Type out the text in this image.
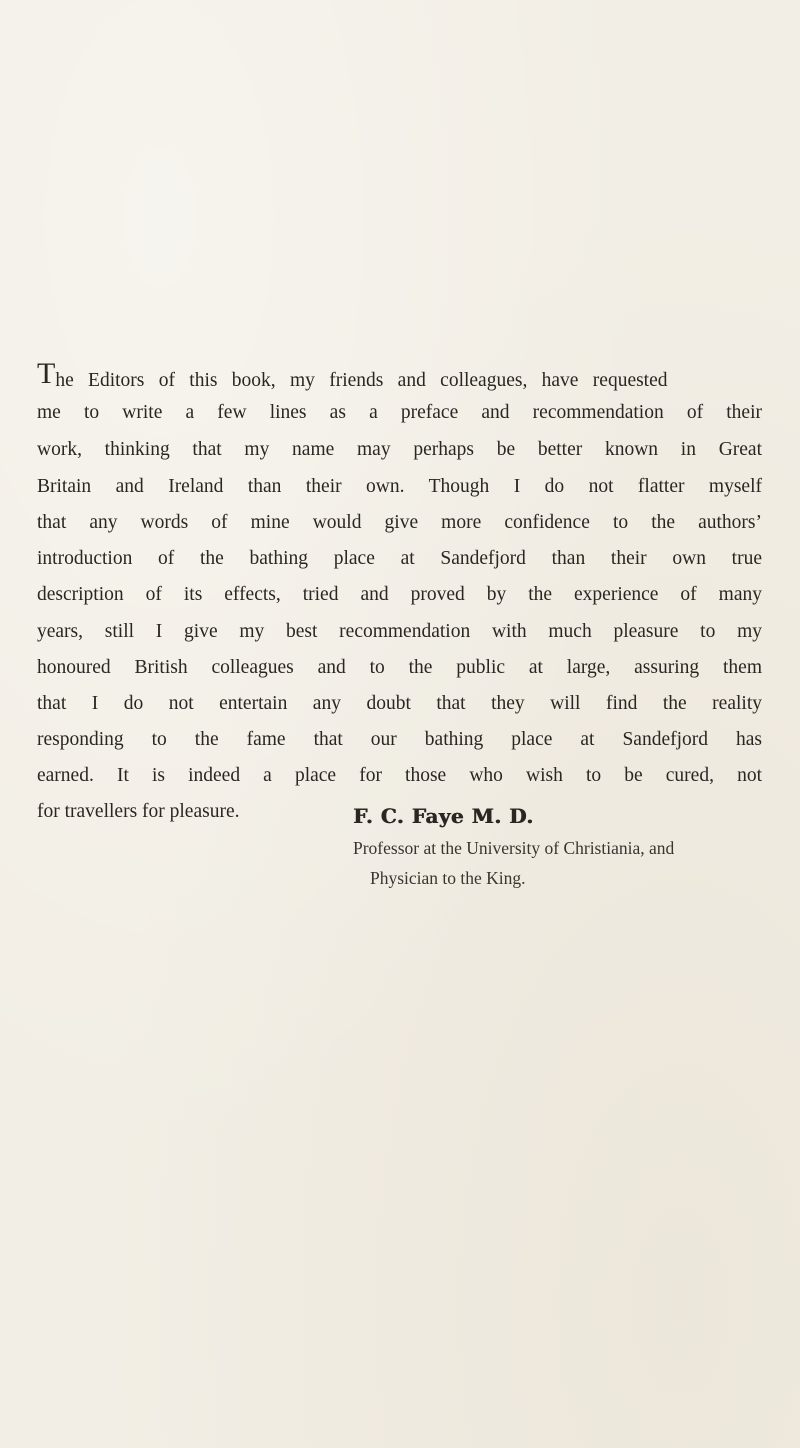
The Editors of this book, my friends and colleagues, have requested
me to write a few lines as a preface and recommendation of their
work, thinking that my name may perhaps be better known in Great
Britain and Ireland than their own. Though I do not flatter myself
that any words of mine would give more confidence to the authors’
introduction of the bathing place at Sandefjord than their own true
description of its effects, tried and proved by the experience of many
years, still I give my best recommendation with much pleasure to my
honoured British colleagues and to the public at large, assuring them
that I do not entertain any doubt that they will find the reality
responding to the fame that our bathing place at Sandefjord has
earned. It is indeed a place for those who wish to be cured, not
for travellers for pleasure.	F. C. Faye M. D.
Professor at the University of Christiania, and
Physician to the King.
